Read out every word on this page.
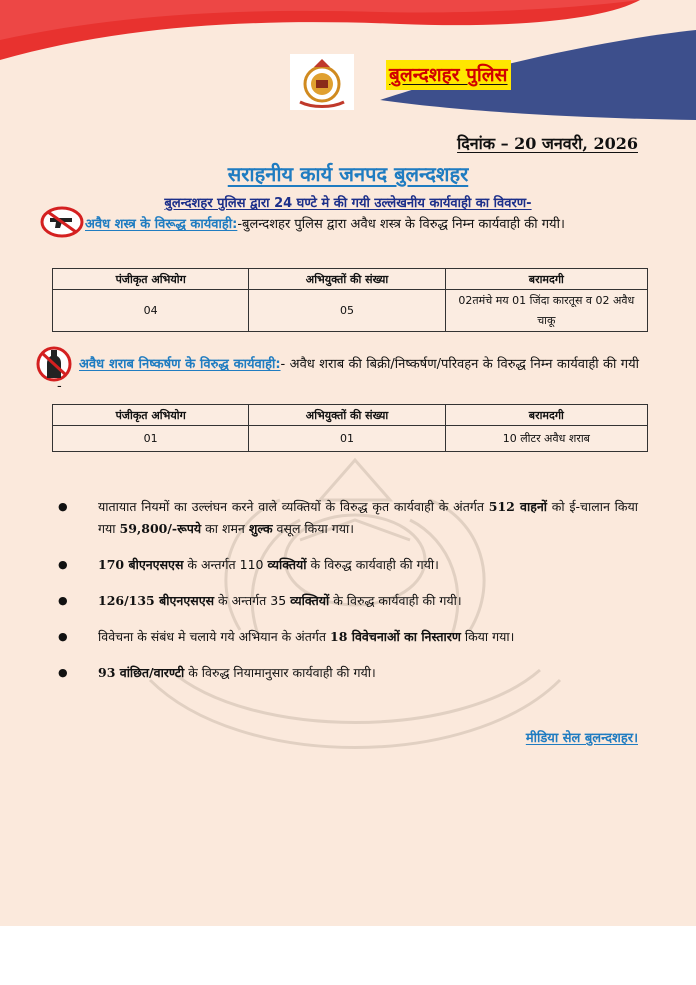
बुलन्दशहर पुलिस
दिनांक – 20 जनवरी, 2026
सराहनीय कार्य जनपद बुलन्दशहर
बुलन्दशहर पुलिस द्वारा 24 घण्टे मे की गयी उल्लेखनीय कार्यवाही का विवरण-
अवैध शस्त्र के विरूद्ध कार्यवाही:-बुलन्दशहर पुलिस द्वारा अवैध शस्त्र के विरुद्ध निम्न कार्यवाही की गयी।
पंजीकृत अभियोग	अभियुक्तों की संख्या	बरामदगी
04	05	02तमंचे मय 01 जिंदा कारतूस व 02 अवैध चाकू
अवैध शराब निष्कर्षण के विरुद्ध कार्यवाही:- अवैध शराब की बिक्री/निष्कर्षण/परिवहन के विरुद्ध निम्न कार्यवाही की गयी -
पंजीकृत अभियोग	अभियुक्तों की संख्या	बरामदगी
01	01	10 लीटर अवैध शराब
● यातायात नियमों का उल्लंघन करने वाले व्यक्तियों के विरुद्ध कृत कार्यवाही के अंतर्गत 512 वाहनों को ई-चालान किया गया 59,800/-रूपये का शमन शुल्क वसूल किया गया।
● 170 बीएनएसएस के अन्तर्गत 110 व्यक्तियों के विरुद्ध कार्यवाही की गयी।
● 126/135 बीएनएसएस के अन्तर्गत 35 व्यक्तियों के विरुद्ध कार्यवाही की गयी।
● विवेचना के संबंध मे चलाये गये अभियान के अंतर्गत 18 विवेचनाओं का निस्तारण किया गया।
● 93 वांछित/वारण्टी के विरुद्ध नियामानुसार कार्यवाही की गयी।
मीडिया सेल बुलन्दशहर।
